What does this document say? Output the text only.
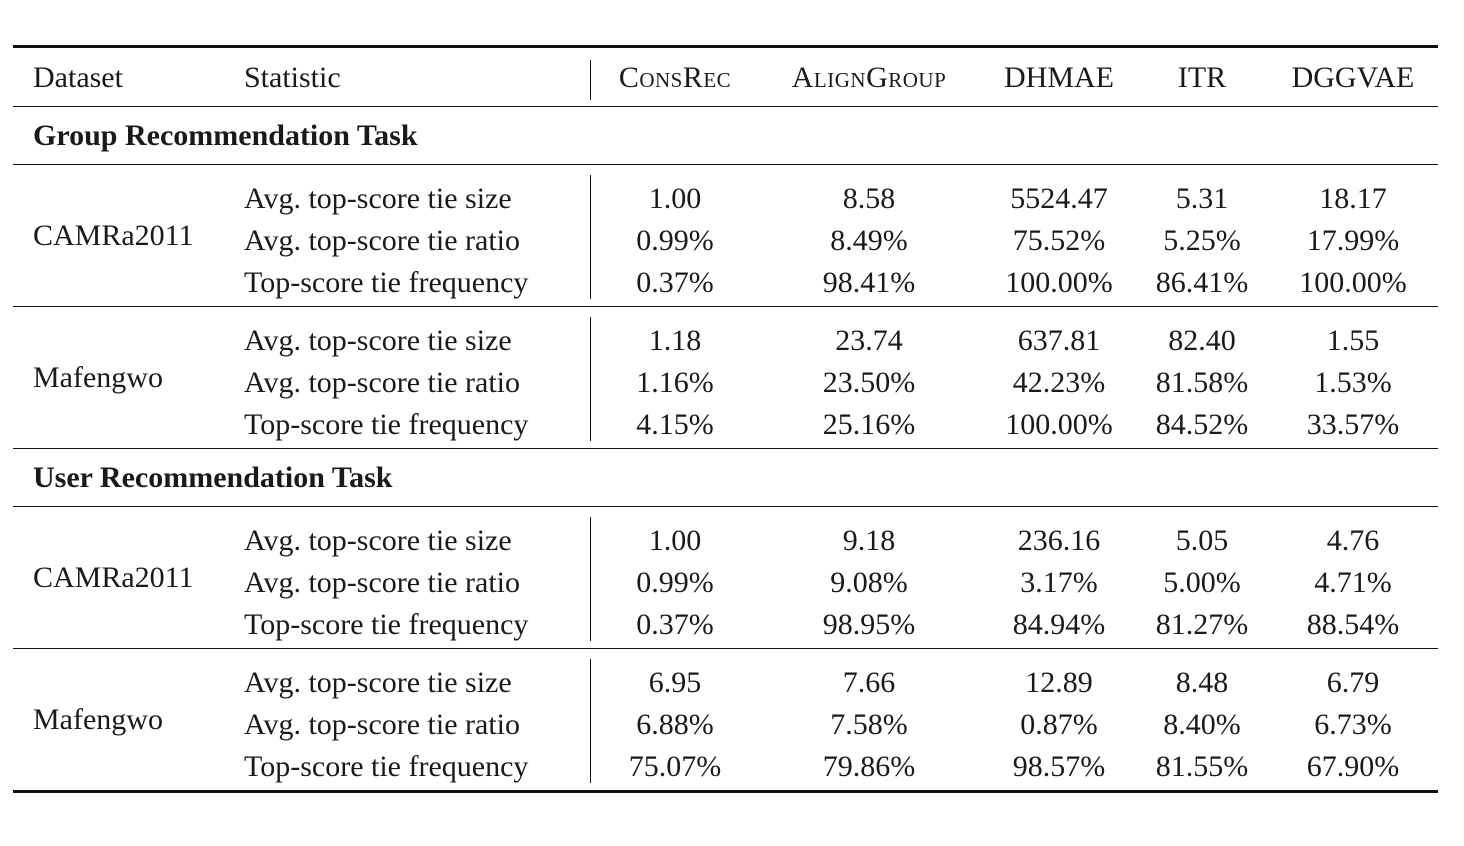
Dataset	Statistic	ConsRec AlignGroup DHMAE ITR DGGVAE
Group Recommendation Task
CAMRa2011
Avg. top-score tie size	1.00	8.58	5524.47 5.31	18.17
Avg. top-score tie ratio	0.99%	8.49%	75.52% 5.25% 17.99%
Top-score tie frequency	0.37%	98.41%	100.00% 86.41% 100.00%
Mafengwo
Avg. top-score tie size	1.18	23.74	637.81 82.40	1.55
Avg. top-score tie ratio	1.16%	23.50%	42.23% 81.58% 1.53%
Top-score tie frequency	4.15%	25.16%	100.00% 84.52% 33.57%
User Recommendation Task
CAMRa2011
Avg. top-score tie size	1.00	9.18	236.16	5.05	4.76
Avg. top-score tie ratio	0.99%	9.08%	3.17% 5.00% 4.71%
Top-score tie frequency	0.37%	98.95%	84.94% 81.27% 88.54%
Mafengwo
Avg. top-score tie size	6.95	7.66	12.89	8.48	6.79
Avg. top-score tie ratio	6.88%	7.58%	0.87% 8.40% 6.73%
Top-score tie frequency	75.07%	79.86%	98.57% 81.55% 67.90%
